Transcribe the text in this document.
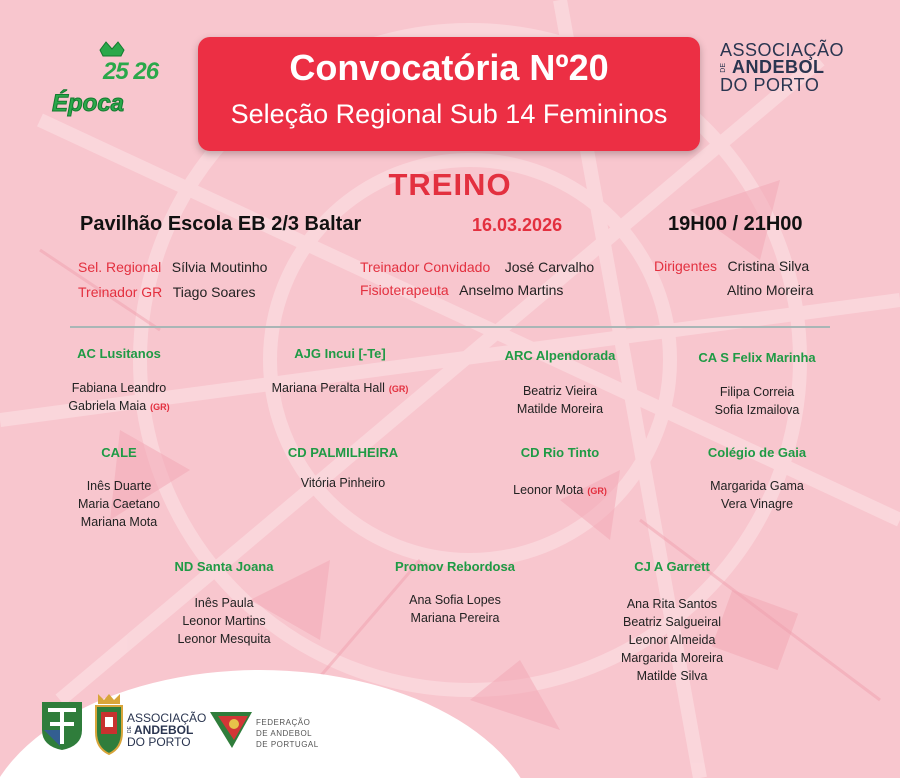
25 26
Época
Convocatória Nº20
Seleção Regional Sub 14 Femininos
ASSOCIAÇÃO
DE ANDEBOL
DO PORTO
TREINO
Pavilhão Escola EB 2/3 Baltar	16.03.2026	19H00 / 21H00
Sel. Regional Sílvia Moutinho
Treinador GR Tiago Soares
Treinador Convidado José Carvalho
Fisioterapeuta Anselmo Martins
Dirigentes Cristina Silva
Altino Moreira
AC Lusitanos
Fabiana Leandro
Gabriela Maia (GR)
AJG Incui [-Te]
Mariana Peralta Hall (GR)
ARC Alpendorada
Beatriz Vieira
Matilde Moreira
CA S Felix Marinha
Filipa Correia
Sofia Izmailova
CALE
Inês Duarte
Maria Caetano
Mariana Mota
CD PALMILHEIRA
Vitória Pinheiro
CD Rio Tinto
Leonor Mota (GR)
Colégio de Gaia
Margarida Gama
Vera Vinagre
ND Santa Joana
Inês Paula
Leonor Martins
Leonor Mesquita
Promov Rebordosa
Ana Sofia Lopes
Mariana Pereira
CJ A Garrett
Ana Rita Santos
Beatriz Salgueiral
Leonor Almeida
Margarida Moreira
Matilde Silva
ASSOCIAÇÃO
DE ANDEBOL
DO PORTO
FEDERAÇÃO
DE ANDEBOL
DE PORTUGAL
